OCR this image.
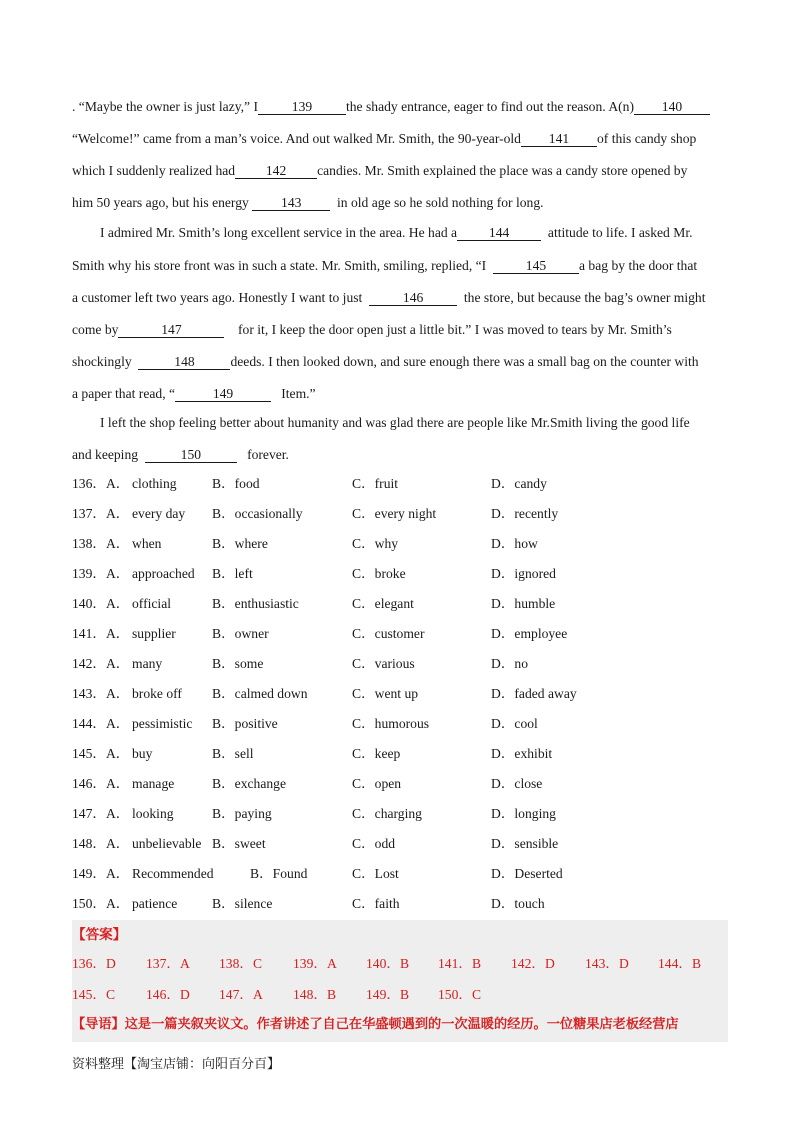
. “Maybe the owner is just lazy,” I 139 the shady entrance, eager to find out the reason. A(n) 140
“Welcome!” came from a man’s voice. And out walked Mr. Smith, the 90-year-old 141 of this candy shop
which I suddenly realized had 142 candies. Mr. Smith explained the place was a candy store opened by
him 50 years ago, but his energy 143	in old age so he sold nothing for long.
I admired Mr. Smith’s long excellent service in the area. He had a 144	attitude to life. I asked Mr.
Smith why his store front was in such a state. Mr. Smith, smiling, replied, “I	145 a bag by the door that
a customer left two years ago. Honestly I want to just	146	the store, but because the bag’s owner might
come by	147	for it, I keep the door open just a little bit.” I was moved to tears by Mr. Smith’s
shockingly	148	deeds. I then looked down, and sure enough there was a small bag on the counter with
a paper that read, “	149	Item.”
I left the shop feeling better about humanity and was glad there are people like Mr.Smith living the good life
and keeping	150	forever.
136．A． clothing	B．food	C．fruit	D．candy
137．A． every day B．occasionally	C．every night	D．recently
138．A． when	B．where	C．why	D．how
139．A． approached B．left	C．broke	D．ignored
140．A． official	B．enthusiastic	C．elegant	D．humble
141．A． supplier	B．owner	C．customer	D．employee
142．A． many	B．some	C．various	D．no
143．A． broke off B．calmed down	C．went up	D．faded away
144．A． pessimistic B．positive	C．humorous	D．cool
145．A． buy	B．sell	C．keep	D．exhibit
146．A． manage	B．exchange	C．open	D．close
147．A． looking	B．paying	C．charging	D．longing
148．A． unbelievable B．sweet	C．odd	D．sensible
149．A． Recommended	B．Found	C．Lost	D．Deserted
150．A． patience	B．silence	C．faith	D．touch
【答案】
136．D 137．A 138．C 139．A 140．B 141．B 142．D 143．D 144．B
145．C 146．D 147．A 148．B 149．B 150．C
【导语】这是一篇夹叙夹议文。作者讲述了自己在华盛顿遇到的一次温暖的经历。一位糖果店老板经营店
资料整理【淘宝店铺：向阳百分百】
